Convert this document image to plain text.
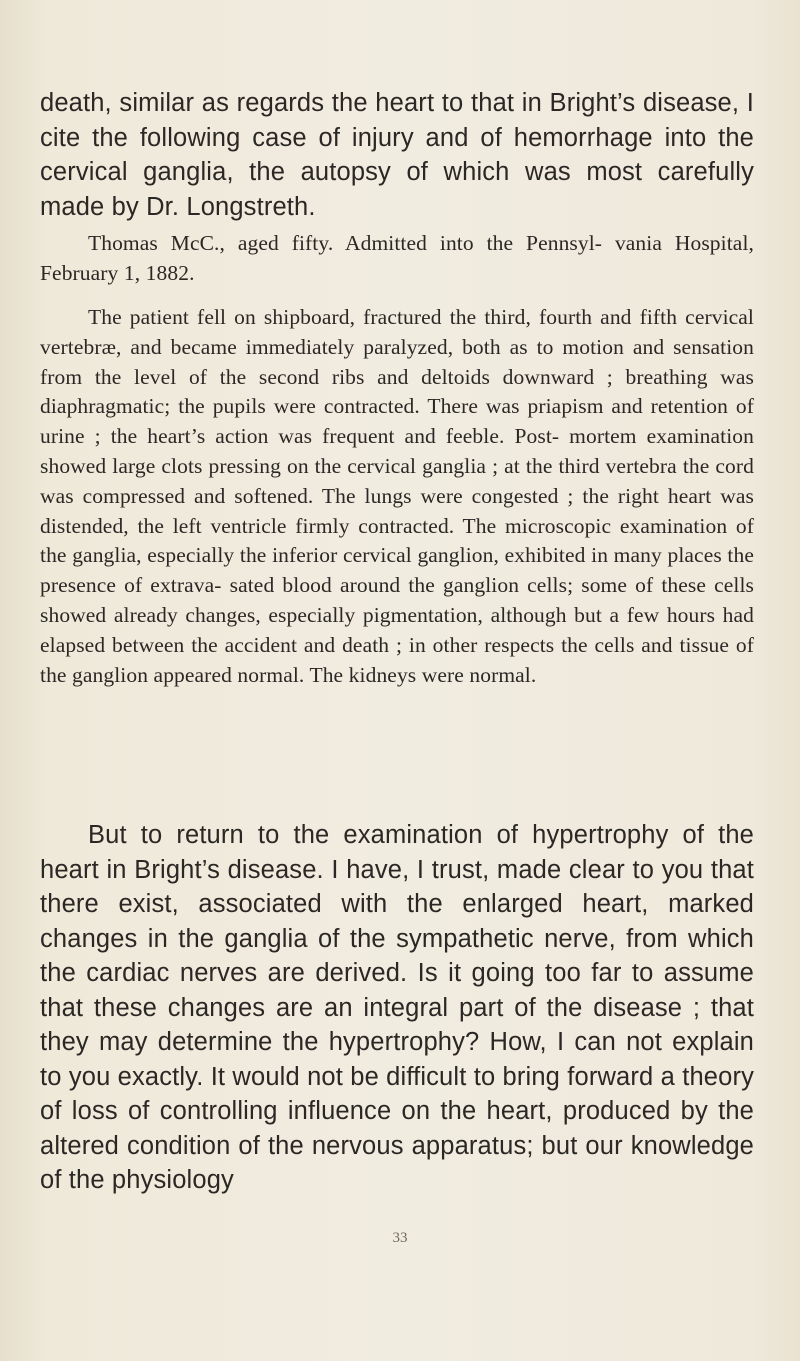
death, similar as regards the heart to that in Bright’s disease, I cite the following case of injury and of hemorrhage into the cervical ganglia, the autopsy of which was most carefully made by Dr. Longstreth.

Thomas McC., aged fifty. Admitted into the Pennsyl- vania Hospital, February 1, 1882.

The patient fell on shipboard, fractured the third, fourth and fifth cervical vertebræ, and became immediately paralyzed, both as to motion and sensation from the level of the second ribs and deltoids downward ; breathing was diaphragmatic; the pupils were contracted. There was priapism and retention of urine ; the heart’s action was frequent and feeble. Post- mortem examination showed large clots pressing on the cervical ganglia ; at the third vertebra the cord was compressed and softened. The lungs were congested ; the right heart was distended, the left ventricle firmly contracted. The microscopic examination of the ganglia, especially the inferior cervical ganglion, exhibited in many places the presence of extrava- sated blood around the ganglion cells; some of these cells showed already changes, especially pigmentation, although but a few hours had elapsed between the accident and death ; in other respects the cells and tissue of the ganglion appeared normal. The kidneys were normal.

But to return to the examination of hypertrophy of the heart in Bright’s disease. I have, I trust, made clear to you that there exist, associated with the enlarged heart, marked changes in the ganglia of the sympathetic nerve, from which the cardiac nerves are derived. Is it going too far to assume that these changes are an integral part of the disease ; that they may determine the hypertrophy? How, I can not explain to you exactly. It would not be difficult to bring forward a theory of loss of controlling influence on the heart, produced by the altered condition of the nervous apparatus; but our knowledge of the physiology

33
